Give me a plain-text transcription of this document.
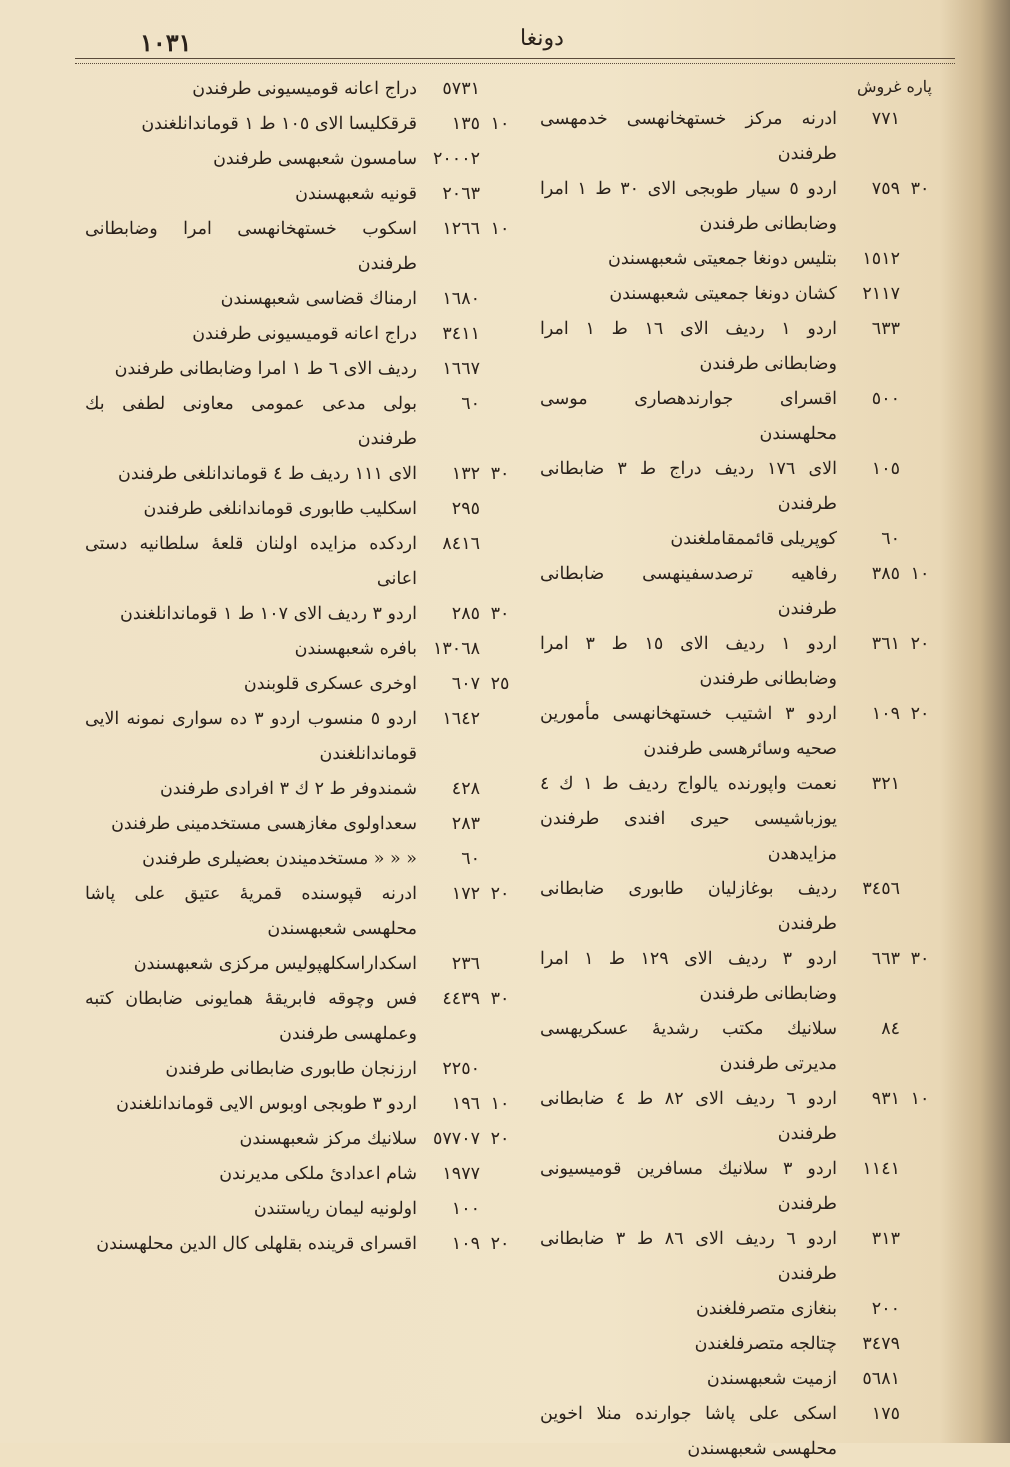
١٠٣١	دونغا
پاره غروش
٧٧١
ادرنه مركز خستهخانهسى خدمهسى طرفندن
٣٠
٧٥٩
اردو ٥ سيار طوبجى الاى ٣٠ ط ١ امرا وضابطانى طرفندن
١٥١٢
بتليس دونغا جمعيتى شعبهسندن
٢١١٧
كشان دونغا جمعيتى شعبهسندن
٦٣٣
اردو ١ رديف الاى ١٦ ط ١ امرا وضابطانى طرفندن
٥٠٠
اقسراى جوارندهصارى موسى محلهسندن
١٠٥
الاى ١٧٦ رديف دراج ط ٣ ضابطانى طرفندن
٦٠
كوپريلى قائممقاملغندن
١٠
٣٨٥
رفاهيه ترصدسفينهسى ضابطانى طرفندن
٢٠
٣٦١
اردو ١ رديف الاى ١٥ ط ٣ امرا وضابطانى طرفندن
٢٠
١٠٩
اردو ٣ اشتيب خستهخانهسى مأمورين صحيه وسائرهسى طرفندن
٣٢١
نعمت واپورنده يالواج رديف ط ١ ك ٤ يوزباشيسى حيرى افندى طرفندن مزايدهدن
٣٤٥٦
رديف بوغازليان طابورى ضابطانى طرفندن
٣٠
٦٦٣
اردو ٣ رديف الاى ١٢٩ ط ١ امرا وضابطانى طرفندن
٨٤
سلانيك مكتب رشديهٔ عسكريهسى مديرتى طرفندن
١٠
٩٣١
اردو ٦ رديف الاى ٨٢ ط ٤ ضابطانى طرفندن
١١٤١
اردو ٣ سلانيك مسافرين قوميسيونى طرفندن
٣١٣
اردو ٦ رديف الاى ٨٦ ط ٣ ضابطانى طرفندن
٢٠٠
بنغازى متصرفلغندن
٣٤٧٩
چتالجه متصرفلغندن
٥٦٨١
ازميت شعبهسندن
١٧٥
اسكى على پاشا جوارنده منلا اخوين محلهسى شعبهسندن
٥٧٣١
دراج اعانه قوميسيونى طرفندن
١٠
١٣٥
قرقكليسا الاى ١٠٥ ط ١ قوماندانلغندن
٢٠٠٠٢
سامسون شعبهسى طرفندن
٢٠٦٣
قونيه شعبهسندن
١٠
١٢٦٦
اسكوب خستهخانهسى امرا وضابطانى طرفندن
١٦٨٠
ارمناك قضاسى شعبهسندن
٣٤١١
دراج اعانه قوميسيونى طرفندن
١٦٦٧
رديف الاى ٦ ط ١ امرا وضابطانى طرفندن
٦٠
بولى مدعى عمومى معاونى لطفى بك طرفندن
٣٠
١٣٢
الاى ١١١ رديف ط ٤ قوماندانلغى طرفندن
٢٩٥
اسكليب طابورى قوماندانلغى طرفندن
٨٤١٦
اردكده مزايده اولنان قلعهٔ سلطانيه دستى اعانى
٣٠
٢٨٥
اردو ٣ رديف الاى ١٠٧ ط ١ قوماندانلغندن
١٣٠٦٨
بافره شعبهسندن
٢٥
٦٠٧
اوخرى عسكرى قلوبندن
١٦٤٢
اردو ٥ منسوب اردو ٣ ده سوارى نمونه الايى قوماندانلغندن
٤٢٨
شمندوفر ط ٢ ك ٣ افرادى طرفندن
٢٨٣
سعداولوى مغازهسى مستخدمينى طرفندن
٦٠
« « « مستخدميندن بعضيلرى طرفندن
٢٠
١٧٢
ادرنه قپوسنده قمريهٔ عتيق على پاشا محلهسى شعبهسندن
٢٣٦
اسكداراسكلهپوليس مركزى شعبهسندن
٣٠
٤٤٣٩
فس وچوقه فابريقهٔ همايونى ضابطان كتبه وعملهسى طرفندن
٢٢٥٠
ارزنجان طابورى ضابطانى طرفندن
١٠
١٩٦
اردو ٣ طوبجى اوبوس الايى قوماندانلغندن
٢٠
٥٧٧٠٧
سلانيك مركز شعبهسندن
١٩٧٧
شام اعدادئ ملكى مديرندن
١٠٠
اولونيه ليمان رياستندن
٢٠
١٠٩
اقسراى قرينده بقلهلى كال الدين محلهسندن
